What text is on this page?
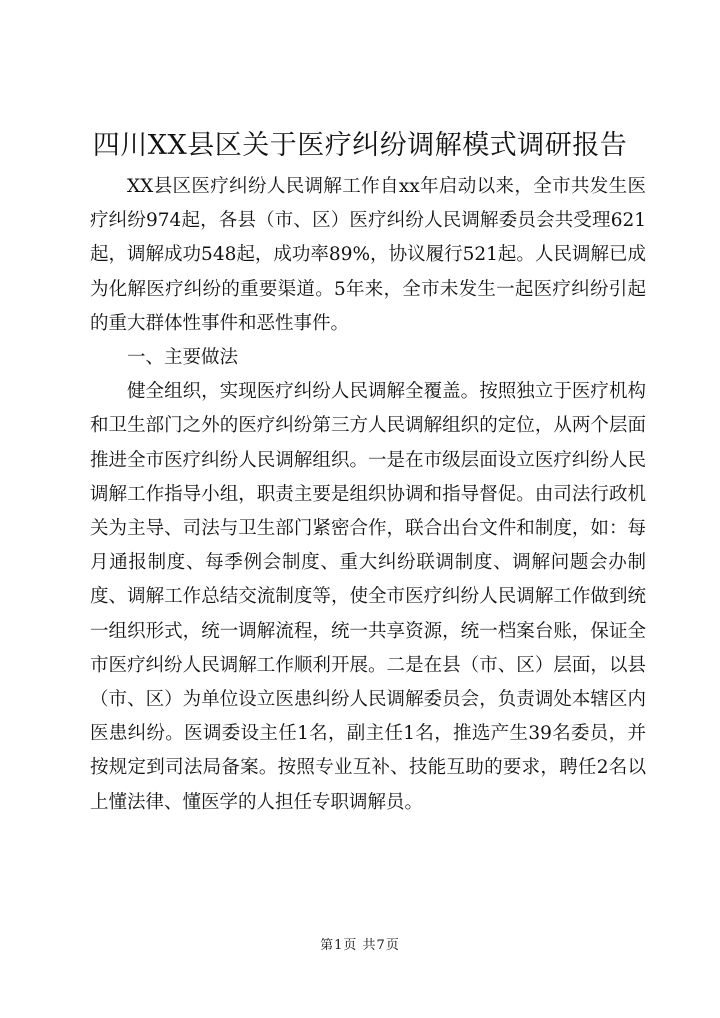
四川XX县区关于医疗纠纷调解模式调研报告

XX县区医疗纠纷人民调解工作自xx年启动以来，全市共发生医疗纠纷974起，各县（市、区）医疗纠纷人民调解委员会共受理621起，调解成功548起，成功率89%，协议履行521起。人民调解已成为化解医疗纠纷的重要渠道。5年来，全市未发生一起医疗纠纷引起的重大群体性事件和恶性事件。

一、主要做法

健全组织，实现医疗纠纷人民调解全覆盖。按照独立于医疗机构和卫生部门之外的医疗纠纷第三方人民调解组织的定位，从两个层面推进全市医疗纠纷人民调解组织。一是在市级层面设立医疗纠纷人民调解工作指导小组，职责主要是组织协调和指导督促。由司法行政机关为主导、司法与卫生部门紧密合作，联合出台文件和制度，如：每月通报制度、每季例会制度、重大纠纷联调制度、调解问题会办制度、调解工作总结交流制度等，使全市医疗纠纷人民调解工作做到统一组织形式，统一调解流程，统一共享资源，统一档案台账，保证全市医疗纠纷人民调解工作顺利开展。二是在县（市、区）层面，以县（市、区）为单位设立医患纠纷人民调解委员会，负责调处本辖区内医患纠纷。医调委设主任1名，副主任1名，推选产生39名委员，并按规定到司法局备案。按照专业互补、技能互助的要求，聘任2名以上懂法律、懂医学的人担任专职调解员。

第1页 共7页
